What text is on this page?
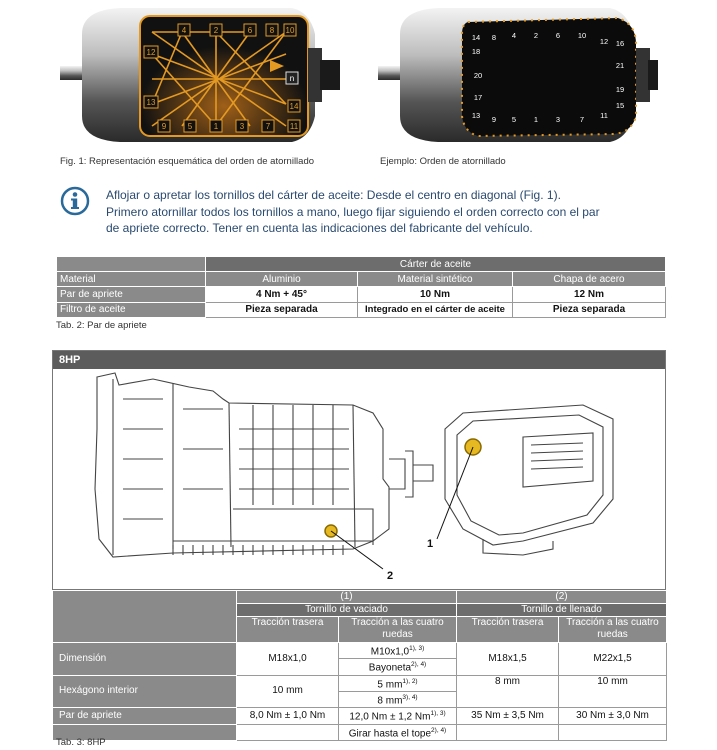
12
4	2	6 8 10
13
n
14
9	5	1	3	7 11
Fig. 1: Representación esquemática del orden de atornillado
14 8 4 2 6 10
12 16
18
21
20
19
17
15
13 9 5 1 3	7 11
Ejemplo: Orden de atornillado
Aflojar o apretar los tornillos del cárter de aceite: Desde el centro en diagonal (Fig. 1).
Primero atornillar todos los tornillos a mano, luego fijar siguiendo el orden correcto con el par
de apriete correcto. Tener en cuenta las indicaciones del fabricante del vehículo.
	Cárter de aceite		
Material	Aluminio	Material sintético	Chapa de acero
Par de apriete	4 Nm + 45°	10 Nm	12 Nm
Filtro de aceite	Pieza separada	Integrado en el cárter de aceite	Pieza separada
Tab. 2: Par de apriete
8HP
1
2
	(1)		(2)	
	Tornillo de vaciado		Tornillo de llenado	
	Tracción trasera	Tracción a las cuatro ruedas	Tracción trasera	Tracción a las cuatro ruedas
Dimensión	M18x1,0	$M10x1,0^{1), 3)}$	M18x1,5	M22x1,5
		Bayoneta$^{2), 4)}$
Hexágono interior	10 mm	5 $mm^{1), 2)}$	8 mm	10 mm
		8 $mm^{3), 4)}$
Par de apriete	8,0 Nm ± 1,0 Nm	12,0 Nm ± 1,2 $Nm^{1), 3)}$	35 Nm ± 3,5 Nm	30 Nm ± 3,0 Nm
		Girar hasta el tope$^{2), 4)}$		
Tab. 3: 8HP
